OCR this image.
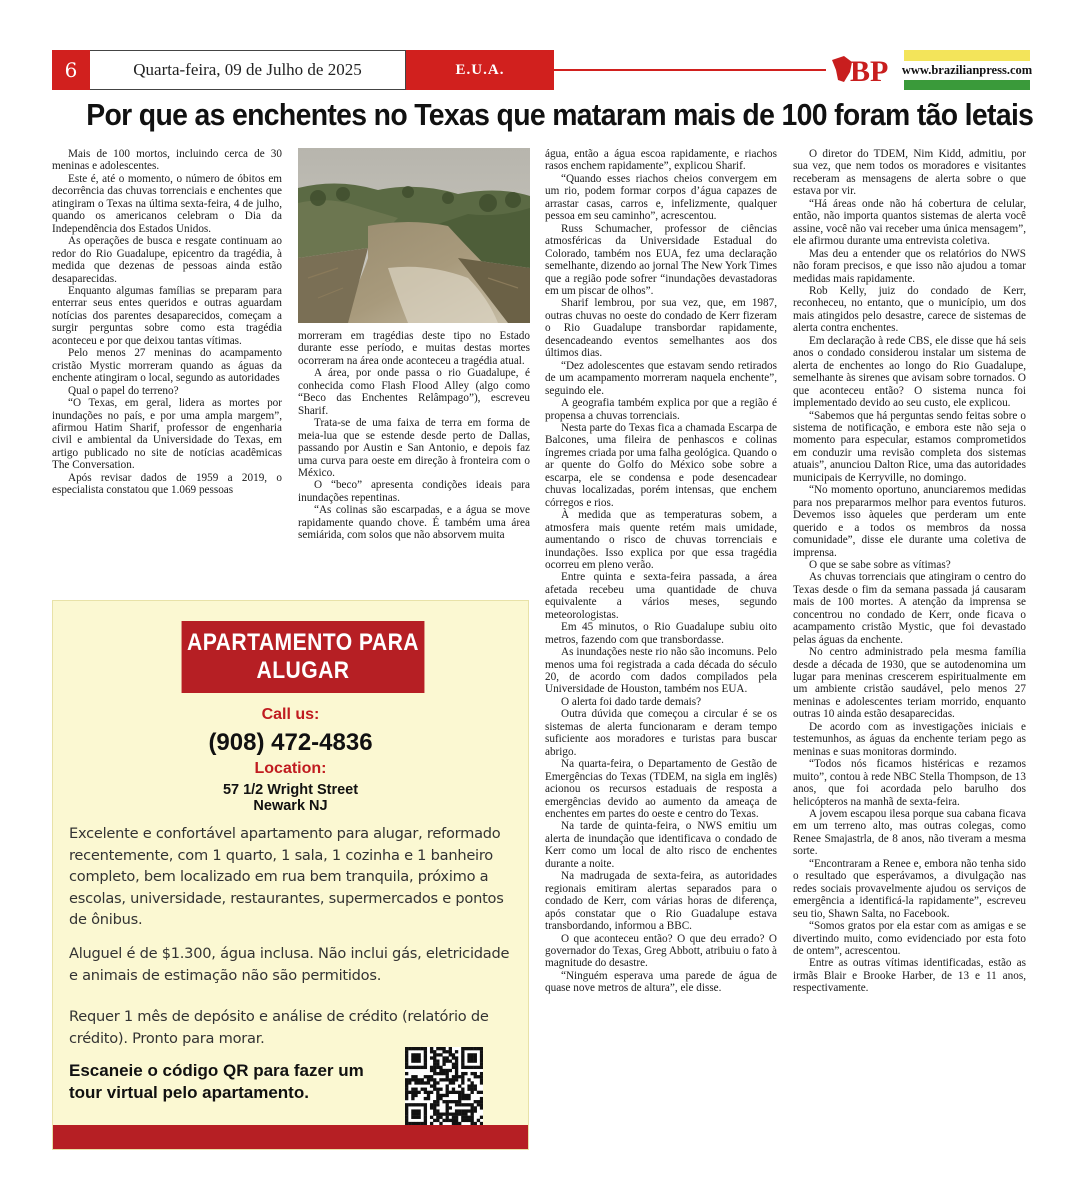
6	Quarta-feira, 09 de Julho de 2025	E.U.A.	BP	www.brazilianpress.com
Por que as enchentes no Texas que mataram mais de 100 foram tão letais

Mais de 100 mortos, incluindo cerca de 30 meninas e adolescentes.

Este é, até o momento, o número de óbitos em decorrência das chuvas torrenciais e enchentes que atingiram o Texas na última sexta-feira, 4 de julho, quando os americanos celebram o Dia da Independência dos Estados Unidos.

As operações de busca e resgate continuam ao redor do Rio Guadalupe, epicentro da tragédia, à medida que dezenas de pessoas ainda estão desaparecidas.

Enquanto algumas famílias se preparam para enterrar seus entes queridos e outras aguardam notícias dos parentes desaparecidos, começam a surgir perguntas sobre como esta tragédia aconteceu e por que deixou tantas vítimas.

Pelo menos 27 meninas do acampamento cristão Mystic morreram quando as águas da enchente atingiram o local, segundo as autoridades

Qual o papel do terreno?

“O Texas, em geral, lidera as mortes por inundações no país, e por uma ampla margem”, afirmou Hatim Sharif, professor de engenharia civil e ambiental da Universidade do Texas, em artigo publicado no site de notícias acadêmicas The Conversation.

Após revisar dados de 1959 a 2019, o especialista constatou que 1.069 pessoas

morreram em tragédias deste tipo no Estado durante esse período, e muitas destas mortes ocorreram na área onde aconteceu a tragédia atual.

A área, por onde passa o rio Guadalupe, é conhecida como Flash Flood Alley (algo como “Beco das Enchentes Relâmpago”), escreveu Sharif.

Trata-se de uma faixa de terra em forma de meia-lua que se estende desde perto de Dallas, passando por Austin e San Antonio, e depois faz uma curva para oeste em direção à fronteira com o México.

O “beco” apresenta condições ideais para inundações repentinas.

“As colinas são escarpadas, e a água se move rapidamente quando chove. É também uma área semiárida, com solos que não absorvem muita

água, então a água escoa rapidamente, e riachos rasos enchem rapidamente”, explicou Sharif.

“Quando esses riachos cheios convergem em um rio, podem formar corpos d’água capazes de arrastar casas, carros e, infelizmente, qualquer pessoa em seu caminho”, acrescentou.

Russ Schumacher, professor de ciências atmosféricas da Universidade Estadual do Colorado, também nos EUA, fez uma declaração semelhante, dizendo ao jornal The New York Times que a região pode sofrer “inundações devastadoras em um piscar de olhos”.

Sharif lembrou, por sua vez, que, em 1987, outras chuvas no oeste do condado de Kerr fizeram o Rio Guadalupe transbordar rapidamente, desencadeando eventos semelhantes aos dos últimos dias.

“Dez adolescentes que estavam sendo retirados de um acampamento morreram naquela enchente”, seguindo ele.

A geografia também explica por que a região é propensa a chuvas torrenciais.

Nesta parte do Texas fica a chamada Escarpa de Balcones, uma fileira de penhascos e colinas íngremes criada por uma falha geológica. Quando o ar quente do Golfo do México sobe sobre a escarpa, ele se condensa e pode desencadear chuvas localizadas, porém intensas, que enchem córregos e rios.

À medida que as temperaturas sobem, a atmosfera mais quente retém mais umidade, aumentando o risco de chuvas torrenciais e inundações. Isso explica por que essa tragédia ocorreu em pleno verão.

Entre quinta e sexta-feira passada, a área afetada recebeu uma quantidade de chuva equivalente a vários meses, segundo meteorologistas.

Em 45 minutos, o Rio Guadalupe subiu oito metros, fazendo com que transbordasse.

As inundações neste rio não são incomuns. Pelo menos uma foi registrada a cada década do século 20, de acordo com dados compilados pela Universidade de Houston, também nos EUA.

O alerta foi dado tarde demais?

Outra dúvida que começou a circular é se os sistemas de alerta funcionaram e deram tempo suficiente aos moradores e turistas para buscar abrigo.

Na quarta-feira, o Departamento de Gestão de Emergências do Texas (TDEM, na sigla em inglês) acionou os recursos estaduais de resposta a emergências devido ao aumento da ameaça de enchentes em partes do oeste e centro do Texas.

Na tarde de quinta-feira, o NWS emitiu um alerta de inundação que identificava o condado de Kerr como um local de alto risco de enchentes durante a noite.

Na madrugada de sexta-feira, as autoridades regionais emitiram alertas separados para o condado de Kerr, com várias horas de diferença, após constatar que o Rio Guadalupe estava transbordando, informou a BBC.

O que aconteceu então? O que deu errado? O governador do Texas, Greg Abbott, atribuiu o fato à magnitude do desastre.

“Ninguém esperava uma parede de água de quase nove metros de altura”, ele disse.

O diretor do TDEM, Nim Kidd, admitiu, por sua vez, que nem todos os moradores e visitantes receberam as mensagens de alerta sobre o que estava por vir.

“Há áreas onde não há cobertura de celular, então, não importa quantos sistemas de alerta você assine, você não vai receber uma única mensagem”, ele afirmou durante uma entrevista coletiva.

Mas deu a entender que os relatórios do NWS não foram precisos, e que isso não ajudou a tomar medidas mais rapidamente.

Rob Kelly, juiz do condado de Kerr, reconheceu, no entanto, que o município, um dos mais atingidos pelo desastre, carece de sistemas de alerta contra enchentes.

Em declaração à rede CBS, ele disse que há seis anos o condado considerou instalar um sistema de alerta de enchentes ao longo do Rio Guadalupe, semelhante às sirenes que avisam sobre tornados. O que aconteceu então? O sistema nunca foi implementado devido ao seu custo, ele explicou.

“Sabemos que há perguntas sendo feitas sobre o sistema de notificação, e embora este não seja o momento para especular, estamos comprometidos em conduzir uma revisão completa dos sistemas atuais”, anunciou Dalton Rice, uma das autoridades municipais de Kerryville, no domingo.

“No momento oportuno, anunciaremos medidas para nos prepararmos melhor para eventos futuros. Devemos isso àqueles que perderam um ente querido e a todos os membros da nossa comunidade”, disse ele durante uma coletiva de imprensa.

O que se sabe sobre as vítimas?

As chuvas torrenciais que atingiram o centro do Texas desde o fim da semana passada já causaram mais de 100 mortes. A atenção da imprensa se concentrou no condado de Kerr, onde ficava o acampamento cristão Mystic, que foi devastado pelas águas da enchente.

No centro administrado pela mesma família desde a década de 1930, que se autodenomina um lugar para meninas crescerem espiritualmente em um ambiente cristão saudável, pelo menos 27 meninas e adolescentes teriam morrido, enquanto outras 10 ainda estão desaparecidas.

De acordo com as investigações iniciais e testemunhos, as águas da enchente teriam pego as meninas e suas monitoras dormindo.

“Todos nós ficamos histéricas e rezamos muito”, contou à rede NBC Stella Thompson, de 13 anos, que foi acordada pelo barulho dos helicópteros na manhã de sexta-feira.

A jovem escapou ilesa porque sua cabana ficava em um terreno alto, mas outras colegas, como Renee Smajastrla, de 8 anos, não tiveram a mesma sorte.

“Encontraram a Renee e, embora não tenha sido o resultado que esperávamos, a divulgação nas redes sociais provavelmente ajudou os serviços de emergência a identificá-la rapidamente”, escreveu seu tio, Shawn Salta, no Facebook.

“Somos gratos por ela estar com as amigas e se divertindo muito, como evidenciado por esta foto de ontem”, acrescentou.

Entre as outras vítimas identificadas, estão as irmãs Blair e Brooke Harber, de 13 e 11 anos, respectivamente.

APARTAMENTO PARA ALUGAR
Call us:
(908) 472-4836
Location:
57 1/2 Wright Street
Newark NJ
Excelente e confortável apartamento para alugar, reformado recentemente, com 1 quarto, 1 sala, 1 cozinha e 1 banheiro completo, bem localizado em rua bem tranquila, próximo a escolas, universidade, restaurantes, supermercados e pontos de ônibus.
Aluguel é de $1.300, água inclusa. Não inclui gás, eletricidade e animais de estimação não são permitidos.
Requer 1 mês de depósito e análise de crédito (relatório de crédito). Pronto para morar.
Escaneie o código QR para fazer um tour virtual pelo apartamento.
